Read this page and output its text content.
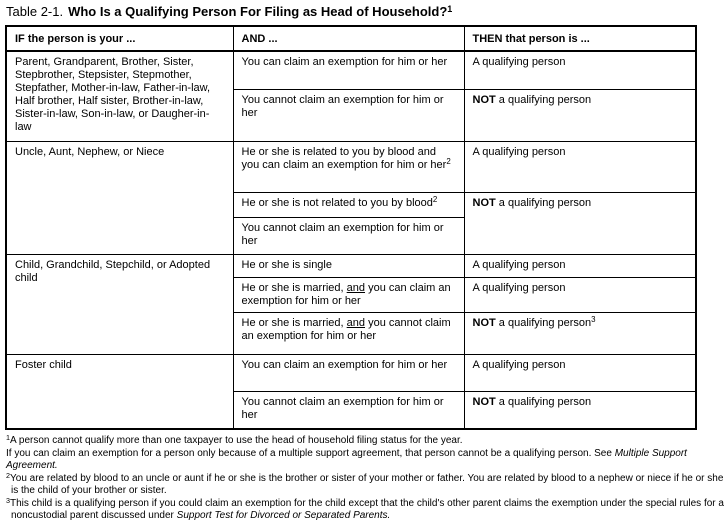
Table 2-1. Who Is a Qualifying Person For Filing as Head of Household?$^1$
IF the person is your ...	AND ...	THEN that person is ...
Parent, Grandparent, Brother, Sister, Stepbrother, Stepsister, Stepmother, Stepfather, Mother-in-law, Father-in-law, Half brother, Half sister, Brother-in-law, Sister-in-law, Son-in-law, or Daugher-in-law	You can claim an exemption for him or her	A qualifying person
	You cannot claim an exemption for him or her	NOT a qualifying person
Uncle, Aunt, Nephew, or Niece	He or she is related to you by blood and you can claim an exemption for him or her$^2$	A qualifying person
	He or she is not related to you by blood$^2$	NOT a qualifying person
	You cannot claim an exemption for him or her	
Child, Grandchild, Stepchild, or Adopted child	He or she is single	A qualifying person
	He or she is married, and you can claim an exemption for him or her	A qualifying person
	He or she is married, and you cannot claim an exemption for him or her	NOT a qualifying person$^3$
Foster child	You can claim an exemption for him or her	A qualifying person
	You cannot claim an exemption for him or her	NOT a qualifying person

$^1$A person cannot qualify more than one taxpayer to use the head of household filing status for the year.

If you can claim an exemption for a person only because of a multiple support agreement, that person cannot be a qualifying person. See Multiple Support Agreement.

$^2$You are related by blood to an uncle or aunt if he or she is the brother or sister of your mother or father. You are related by blood to a nephew or niece if he or she is the child of your brother or sister.

$^3$This child is a qualifying person if you could claim an exemption for the child except that the child's other parent claims the exemption under the special rules for a noncustodial parent discussed under Support Test for Divorced or Separated Parents.
